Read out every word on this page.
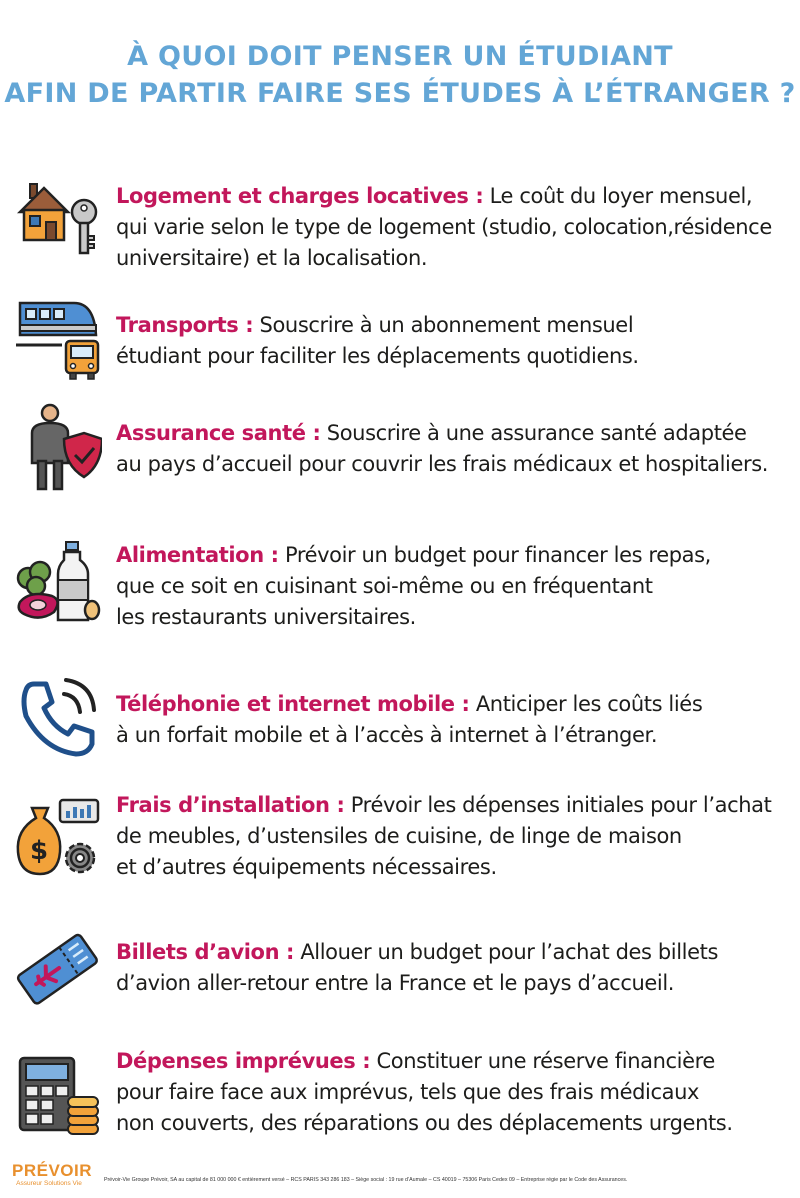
À QUOI DOIT PENSER UN ÉTUDIANT
AFIN DE PARTIR FAIRE SES ÉTUDES À L’ÉTRANGER ?
Logement et charges locatives : Le coût du loyer mensuel,
qui varie selon le type de logement (studio, colocation,résidence
universitaire) et la localisation.
Transports : Souscrire à un abonnement mensuel
étudiant pour faciliter les déplacements quotidiens.
Assurance santé : Souscrire à une assurance santé adaptée
au pays d’accueil pour couvrir les frais médicaux et hospitaliers.
Alimentation : Prévoir un budget pour financer les repas,
que ce soit en cuisinant soi-même ou en fréquentant
les restaurants universitaires.
Téléphonie et internet mobile : Anticiper les coûts liés
à un forfait mobile et à l’accès à internet à l’étranger.
$
Frais d’installation : Prévoir les dépenses initiales pour l’achat
de meubles, d’ustensiles de cuisine, de linge de maison
et d’autres équipements nécessaires.
Billets d’avion : Allouer un budget pour l’achat des billets
d’avion aller-retour entre la France et le pays d’accueil.
Dépenses imprévues : Constituer une réserve financière
pour faire face aux imprévus, tels que des frais médicaux
non couverts, des réparations ou des déplacements urgents.
PRÉVOIR
Assureur Solutions Vie	Prévoir-Vie Groupe Prévoir, SA au capital de 81 000 000 € entièrement versé – RCS PARIS 343 286 183 – Siège social : 19 rue d’Aumale – CS 40019 – 75306 Paris Cedex 09 – Entreprise régie par le Code des Assurances.
